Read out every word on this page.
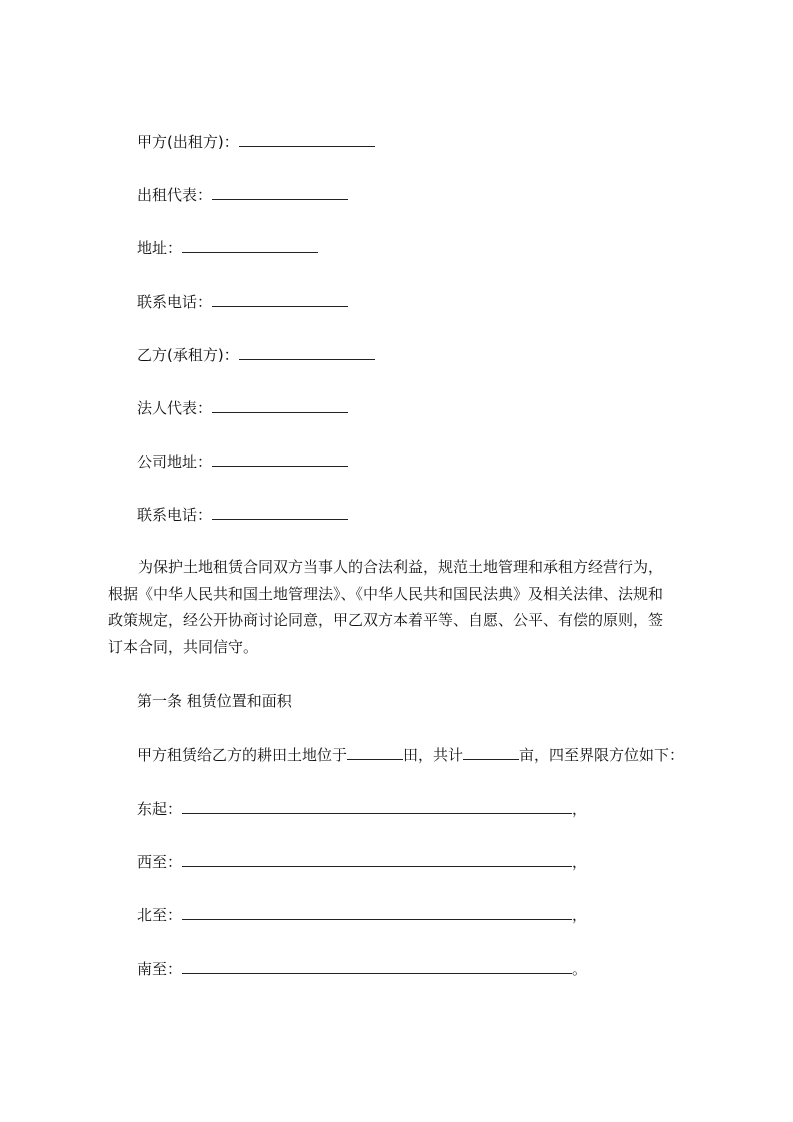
甲方(出租方)：
出租代表：
地址：
联系电话：
乙方(承租方)：
法人代表：
公司地址：
联系电话：
为保护土地租赁合同双方当事人的合法利益，规范土地管理和承租方经营行为，
根据《中华人民共和国土地管理法》、《中华人民共和国民法典》及相关法律、法规和
政策规定，经公开协商讨论同意，甲乙双方本着平等、自愿、公平、有偿的原则，签
订本合同，共同信守。
第一条 租赁位置和面积
甲方租赁给乙方的耕田土地位于	田，共计	亩，四至界限方位如下：
东起：	，
西至：	，
北至：	，
南至：	。
